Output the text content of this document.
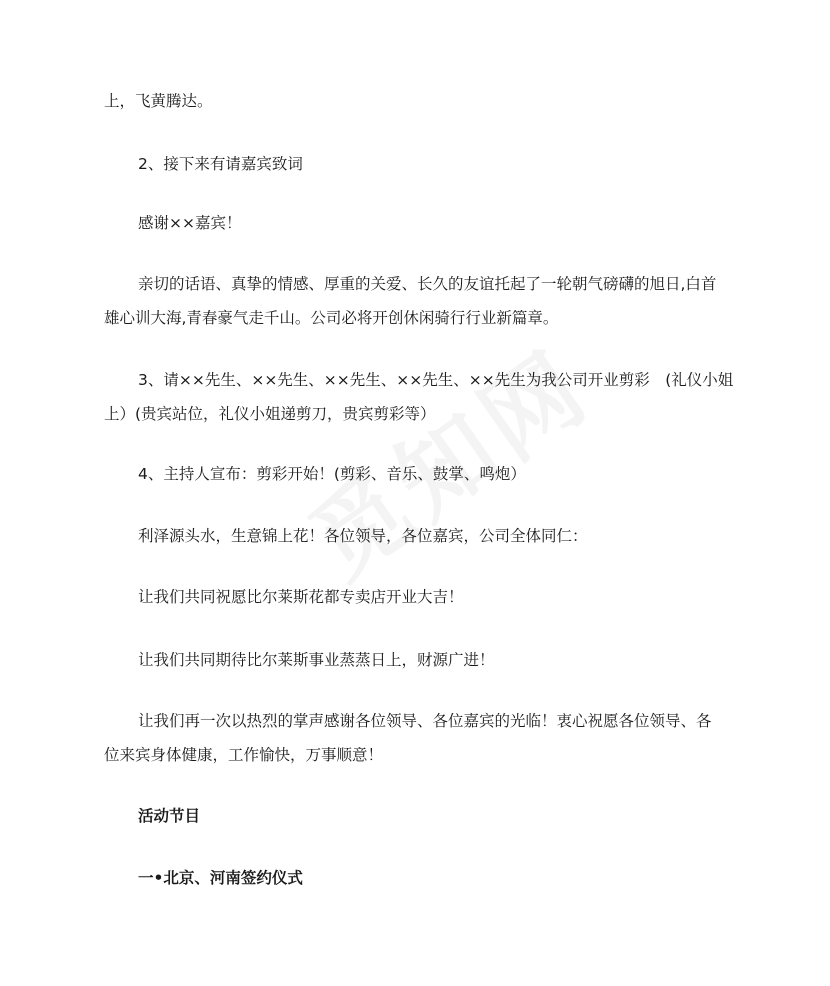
上，飞黄腾达。
2、接下来有请嘉宾致词
感谢××嘉宾！
亲切的话语、真挚的情感、厚重的关爱、长久的友谊托起了一轮朝气磅礴的旭日,白首
雄心训大海,青春豪气走千山。公司必将开创休闲骑行行业新篇章。
3、请××先生、××先生、××先生、××先生、××先生为我公司开业剪彩　(礼仪小姐
上）(贵宾站位，礼仪小姐递剪刀，贵宾剪彩等）
4、主持人宣布：剪彩开始！(剪彩、音乐、鼓掌、鸣炮）
利泽源头水，生意锦上花！各位领导，各位嘉宾，公司全体同仁：
让我们共同祝愿比尔莱斯花都专卖店开业大吉！
让我们共同期待比尔莱斯事业蒸蒸日上，财源广进！
让我们再一次以热烈的掌声感谢各位领导、各位嘉宾的光临！衷心祝愿各位领导、各
位来宾身体健康，工作愉快，万事顺意！
活动节目
一•北京、河南签约仪式
